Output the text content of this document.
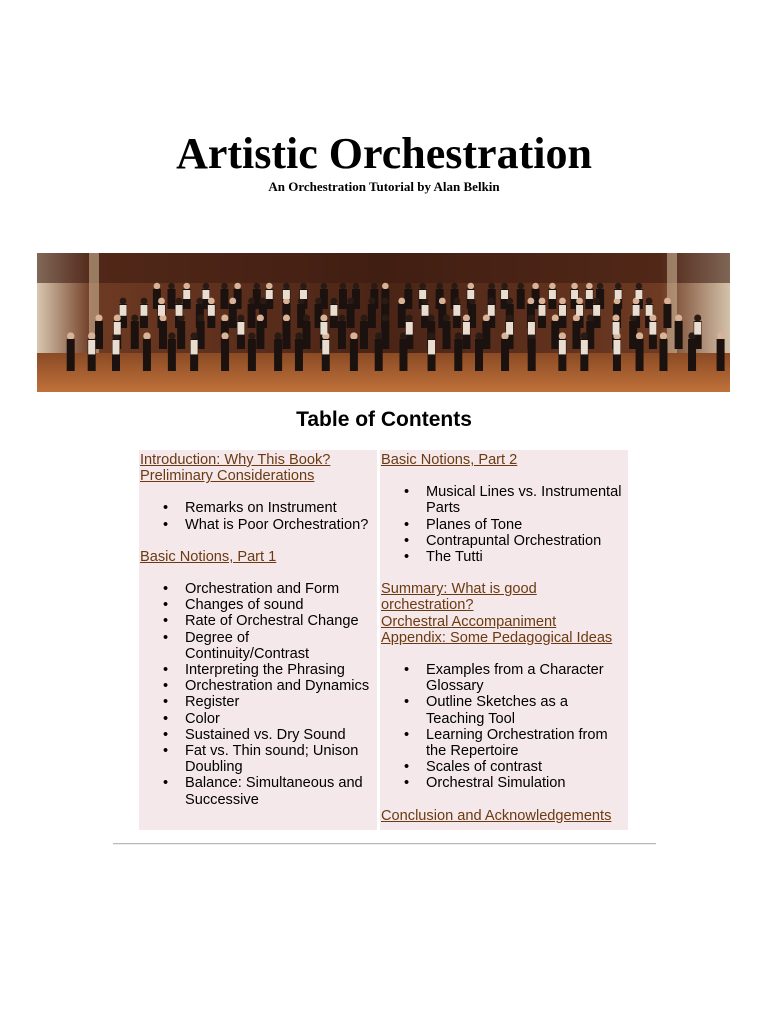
Artistic Orchestration
An Orchestration Tutorial by Alan Belkin
Table of Contents
Introduction: Why This Book?
Preliminary Considerations
• Remarks on Instrument
• What is Poor Orchestration?
Basic Notions, Part 1
• Orchestration and Form
• Changes of sound
• Rate of Orchestral Change
• Degree of Continuity/Contrast
• Interpreting the Phrasing
• Orchestration and Dynamics
• Register
• Color
• Sustained vs. Dry Sound
• Fat vs. Thin sound; Unison Doubling
• Balance: Simultaneous and Successive
Basic Notions, Part 2
• Musical Lines vs. Instrumental Parts
• Planes of Tone
• Contrapuntal Orchestration
• The Tutti
Summary: What is good orchestration?
Orchestral Accompaniment
Appendix: Some Pedagogical Ideas
• Examples from a Character Glossary
• Outline Sketches as a Teaching Tool
• Learning Orchestration from the Repertoire
• Scales of contrast
• Orchestral Simulation
Conclusion and Acknowledgements
